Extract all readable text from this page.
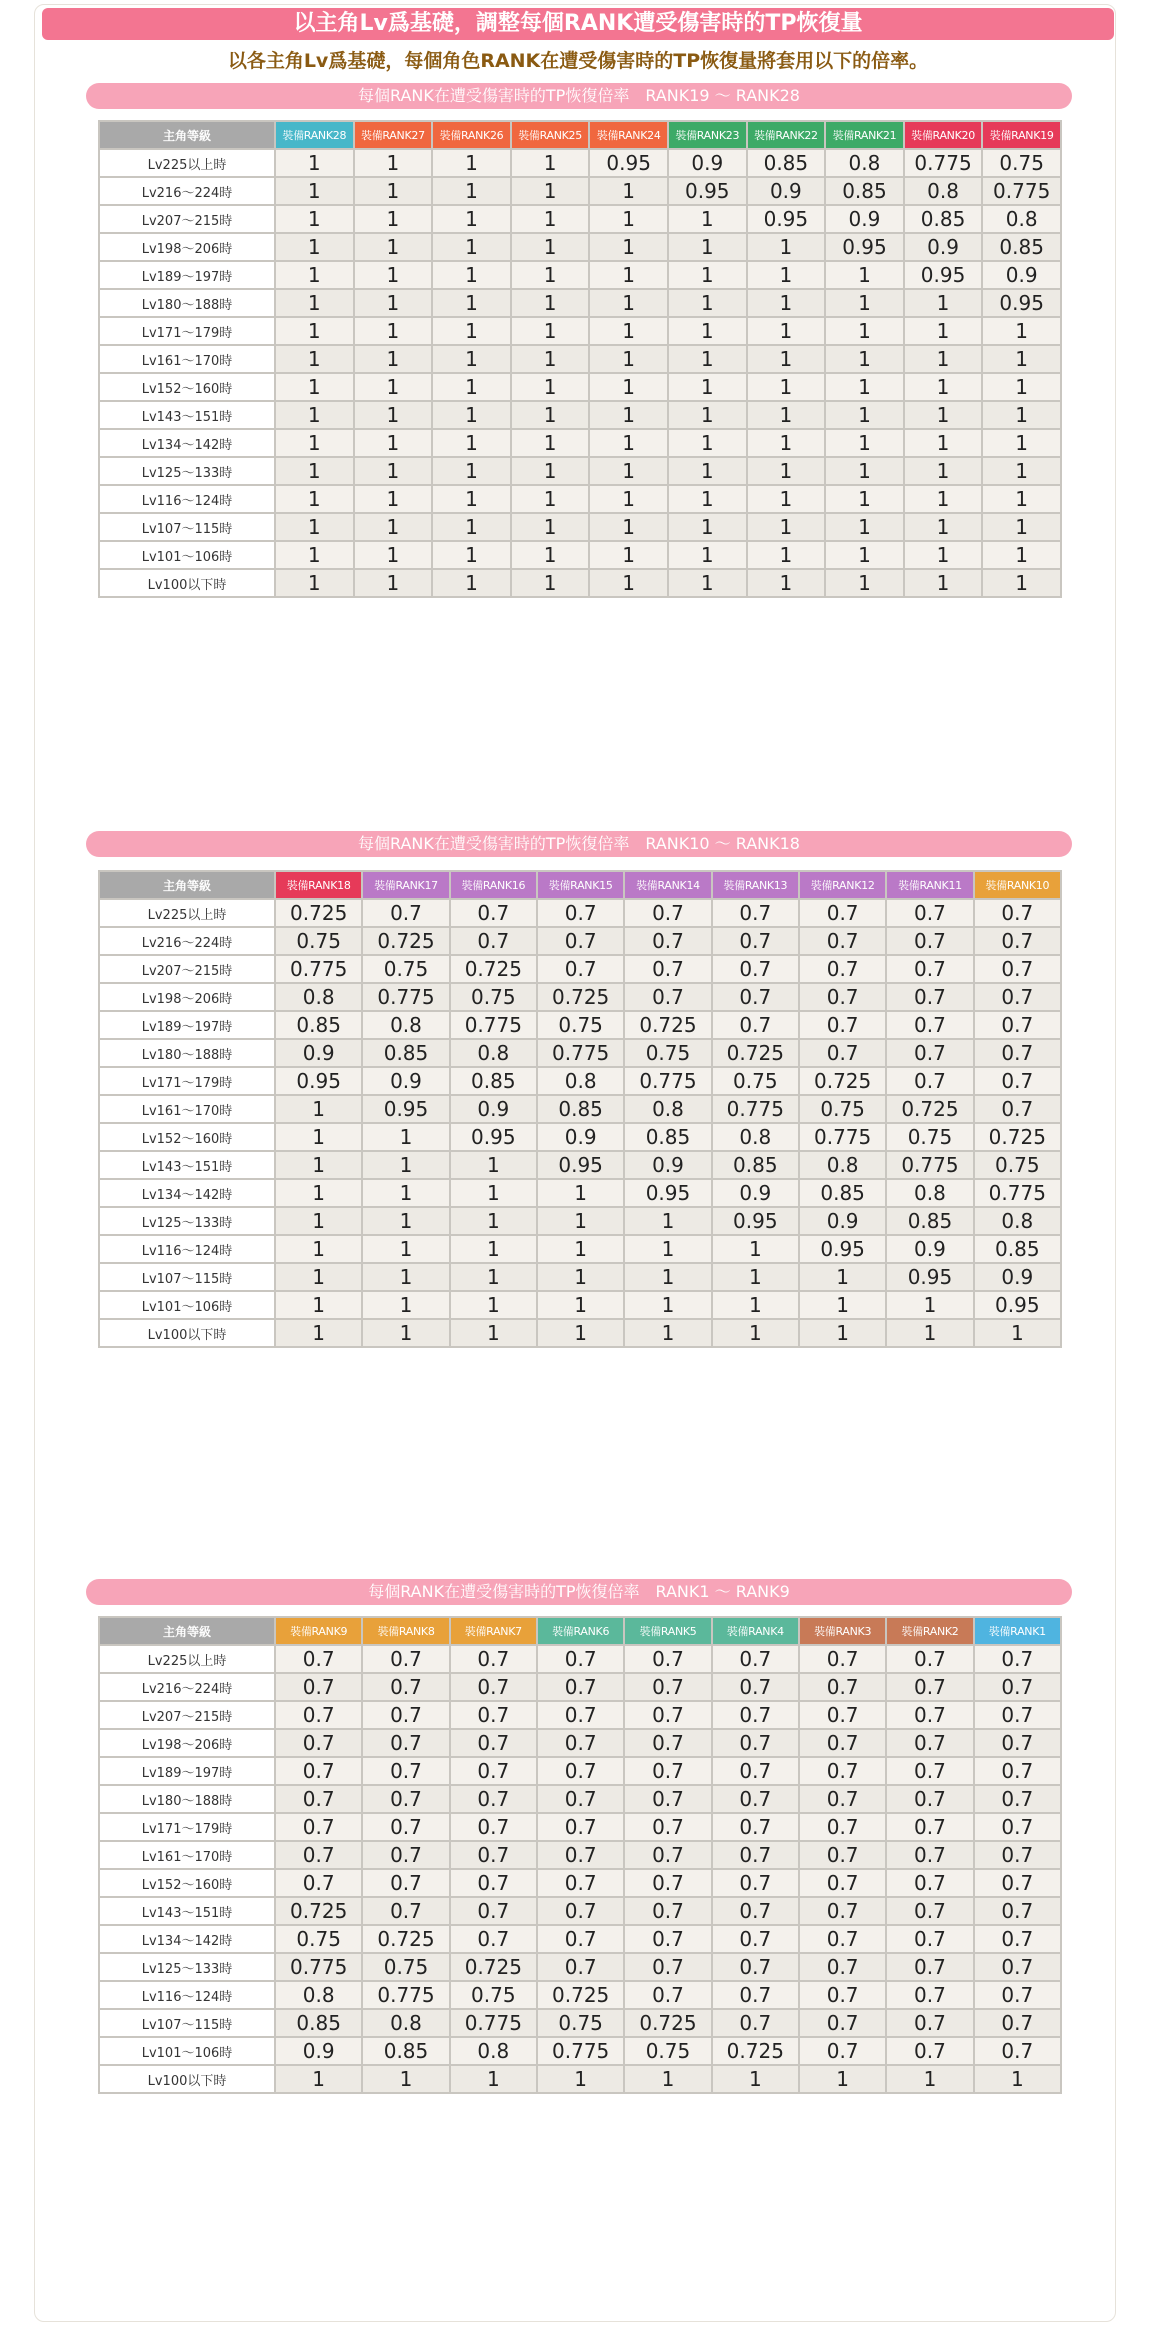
以主角Lv爲基礎，調整每個RANK遭受傷害時的TP恢復量
以各主角Lv爲基礎，每個角色RANK在遭受傷害時的TP恢復量將套用以下的倍率。
每個RANK在遭受傷害時的TP恢復倍率　RANK19 ～ RANK28
主角等級	裝備RANK28	裝備RANK27	裝備RANK26	裝備RANK25	裝備RANK24	裝備RANK23	裝備RANK22	裝備RANK21	裝備RANK20	裝備RANK19
Lv225以上時	1	1	1	1	0.95	0.9	0.85	0.8	0.775	0.75
Lv216～224時	1	1	1	1	1	0.95	0.9	0.85	0.8	0.775
Lv207～215時	1	1	1	1	1	1	0.95	0.9	0.85	0.8
Lv198～206時	1	1	1	1	1	1	1	0.95	0.9	0.85
Lv189～197時	1	1	1	1	1	1	1	1	0.95	0.9
Lv180～188時	1	1	1	1	1	1	1	1	1	0.95
Lv171～179時	1	1	1	1	1	1	1	1	1	1
Lv161～170時	1	1	1	1	1	1	1	1	1	1
Lv152～160時	1	1	1	1	1	1	1	1	1	1
Lv143～151時	1	1	1	1	1	1	1	1	1	1
Lv134～142時	1	1	1	1	1	1	1	1	1	1
Lv125～133時	1	1	1	1	1	1	1	1	1	1
Lv116～124時	1	1	1	1	1	1	1	1	1	1
Lv107～115時	1	1	1	1	1	1	1	1	1	1
Lv101～106時	1	1	1	1	1	1	1	1	1	1
Lv100以下時	1	1	1	1	1	1	1	1	1	1
每個RANK在遭受傷害時的TP恢復倍率　RANK10 ～ RANK18
主角等級	裝備RANK18	裝備RANK17	裝備RANK16	裝備RANK15	裝備RANK14	裝備RANK13	裝備RANK12	裝備RANK11	裝備RANK10
Lv225以上時	0.725	0.7	0.7	0.7	0.7	0.7	0.7	0.7	0.7
Lv216～224時	0.75	0.725	0.7	0.7	0.7	0.7	0.7	0.7	0.7
Lv207～215時	0.775	0.75	0.725	0.7	0.7	0.7	0.7	0.7	0.7
Lv198～206時	0.8	0.775	0.75	0.725	0.7	0.7	0.7	0.7	0.7
Lv189～197時	0.85	0.8	0.775	0.75	0.725	0.7	0.7	0.7	0.7
Lv180～188時	0.9	0.85	0.8	0.775	0.75	0.725	0.7	0.7	0.7
Lv171～179時	0.95	0.9	0.85	0.8	0.775	0.75	0.725	0.7	0.7
Lv161～170時	1	0.95	0.9	0.85	0.8	0.775	0.75	0.725	0.7
Lv152～160時	1	1	0.95	0.9	0.85	0.8	0.775	0.75	0.725
Lv143～151時	1	1	1	0.95	0.9	0.85	0.8	0.775	0.75
Lv134～142時	1	1	1	1	0.95	0.9	0.85	0.8	0.775
Lv125～133時	1	1	1	1	1	0.95	0.9	0.85	0.8
Lv116～124時	1	1	1	1	1	1	0.95	0.9	0.85
Lv107～115時	1	1	1	1	1	1	1	0.95	0.9
Lv101～106時	1	1	1	1	1	1	1	1	0.95
Lv100以下時	1	1	1	1	1	1	1	1	1
每個RANK在遭受傷害時的TP恢復倍率　RANK1 ～ RANK9
主角等級	裝備RANK9	裝備RANK8	裝備RANK7	裝備RANK6	裝備RANK5	裝備RANK4	裝備RANK3	裝備RANK2	裝備RANK1
Lv225以上時	0.7	0.7	0.7	0.7	0.7	0.7	0.7	0.7	0.7
Lv216～224時	0.7	0.7	0.7	0.7	0.7	0.7	0.7	0.7	0.7
Lv207～215時	0.7	0.7	0.7	0.7	0.7	0.7	0.7	0.7	0.7
Lv198～206時	0.7	0.7	0.7	0.7	0.7	0.7	0.7	0.7	0.7
Lv189～197時	0.7	0.7	0.7	0.7	0.7	0.7	0.7	0.7	0.7
Lv180～188時	0.7	0.7	0.7	0.7	0.7	0.7	0.7	0.7	0.7
Lv171～179時	0.7	0.7	0.7	0.7	0.7	0.7	0.7	0.7	0.7
Lv161～170時	0.7	0.7	0.7	0.7	0.7	0.7	0.7	0.7	0.7
Lv152～160時	0.7	0.7	0.7	0.7	0.7	0.7	0.7	0.7	0.7
Lv143～151時	0.725	0.7	0.7	0.7	0.7	0.7	0.7	0.7	0.7
Lv134～142時	0.75	0.725	0.7	0.7	0.7	0.7	0.7	0.7	0.7
Lv125～133時	0.775	0.75	0.725	0.7	0.7	0.7	0.7	0.7	0.7
Lv116～124時	0.8	0.775	0.75	0.725	0.7	0.7	0.7	0.7	0.7
Lv107～115時	0.85	0.8	0.775	0.75	0.725	0.7	0.7	0.7	0.7
Lv101～106時	0.9	0.85	0.8	0.775	0.75	0.725	0.7	0.7	0.7
Lv100以下時	1	1	1	1	1	1	1	1	1
